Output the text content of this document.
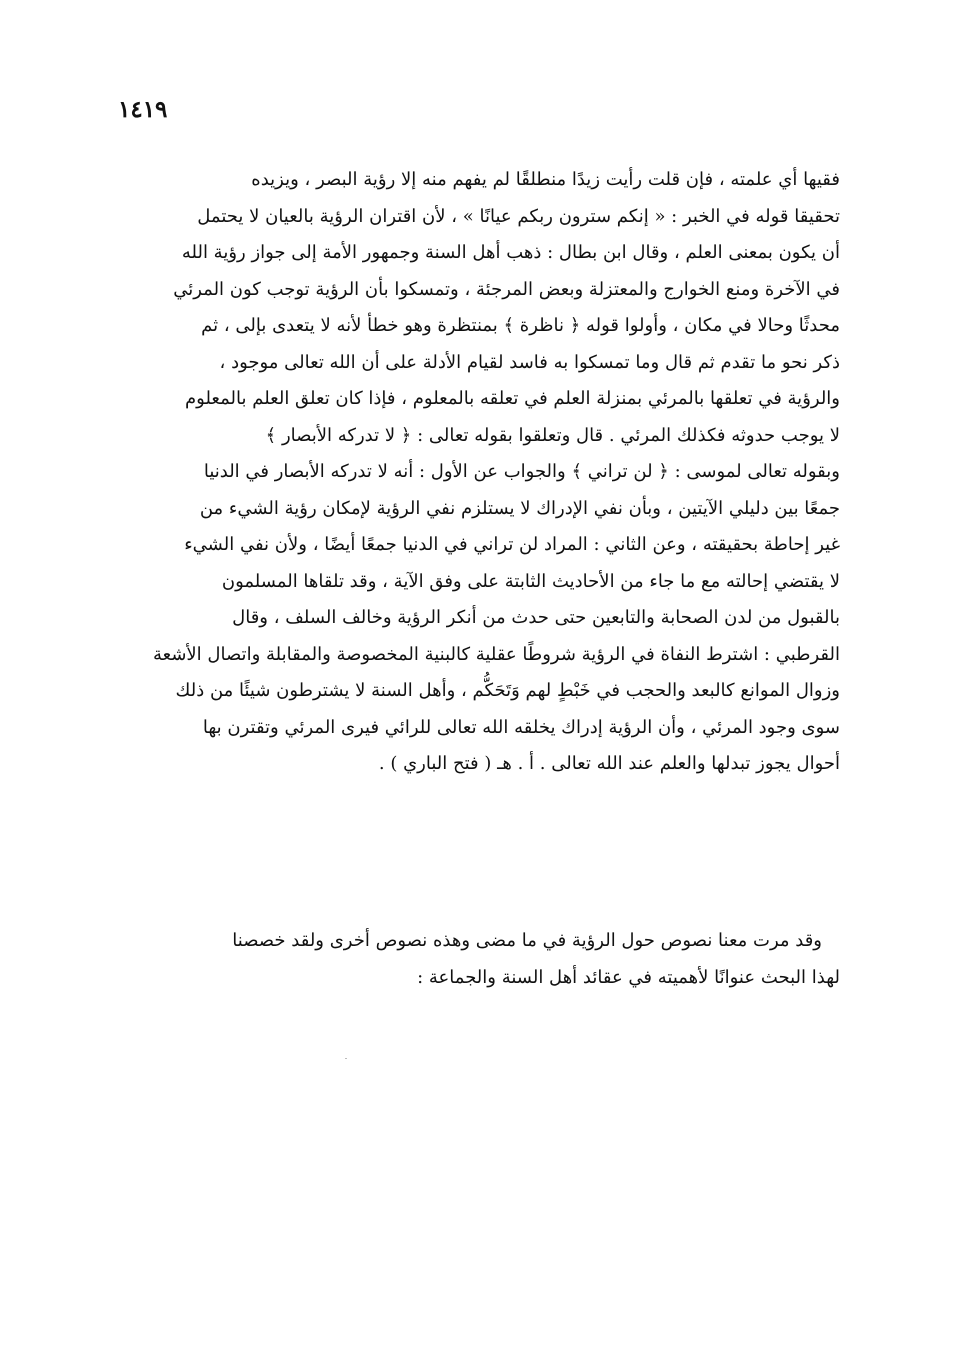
١٤١٩
فقيها أي علمته ، فإن قلت رأيت زيدًا منطلقًا لم يفهم منه إلا رؤية البصر ، ويزيده
تحقيقا قوله في الخبر : « إنكم سترون ربكم عيانًا » ، لأن اقتران الرؤية بالعيان لا يحتمل
أن يكون بمعنى العلم ، وقال ابن بطال : ذهب أهل السنة وجمهور الأمة إلى جواز رؤية الله
في الآخرة ومنع الخوارج والمعتزلة وبعض المرجئة ، وتمسكوا بأن الرؤية توجب كون المرئي
محدثًا وحالا في مكان ، وأولوا قوله ﴿ ناظرة ﴾ بمنتظرة وهو خطأ لأنه لا يتعدى بإلى ، ثم
ذكر نحو ما تقدم ثم قال وما تمسكوا به فاسد لقيام الأدلة على أن الله تعالى موجود ،
والرؤية في تعلقها بالمرئي بمنزلة العلم في تعلقه بالمعلوم ، فإذا كان تعلق العلم بالمعلوم
لا يوجب حدوثه فكذلك المرئي . قال وتعلقوا بقوله تعالى : ﴿ لا تدركه الأبصار ﴾
وبقوله تعالى لموسى : ﴿ لن تراني ﴾ والجواب عن الأول : أنه لا تدركه الأبصار في الدنيا
جمعًا بين دليلي الآيتين ، وبأن نفي الإدراك لا يستلزم نفي الرؤية لإمكان رؤية الشيء من
غير إحاطة بحقيقته ، وعن الثاني : المراد لن تراني في الدنيا جمعًا أيضًا ، ولأن نفي الشيء
لا يقتضي إحالته مع ما جاء من الأحاديث الثابتة على وفق الآية ، وقد تلقاها المسلمون
بالقبول من لدن الصحابة والتابعين حتى حدث من أنكر الرؤية وخالف السلف ، وقال
القرطبي : اشترط النفاة في الرؤية شروطًا عقلية كالبنية المخصوصة والمقابلة واتصال الأشعة
وزوال الموانع كالبعد والحجب في خَبْطٍ لهم وَتَحَكُّم ، وأهل السنة لا يشترطون شيئًا من ذلك
سوى وجود المرئي ، وأن الرؤية إدراك يخلقه الله تعالى للرائي فيرى المرئي وتقترن بها
أحوال يجوز تبدلها والعلم عند الله تعالى . أ . هـ ( فتح الباري ) .
وقد مرت معنا نصوص حول الرؤية في ما مضى وهذه نصوص أخرى ولقد خصصنا
لهذا البحث عنوانًا لأهميته في عقائد أهل السنة والجماعة :
